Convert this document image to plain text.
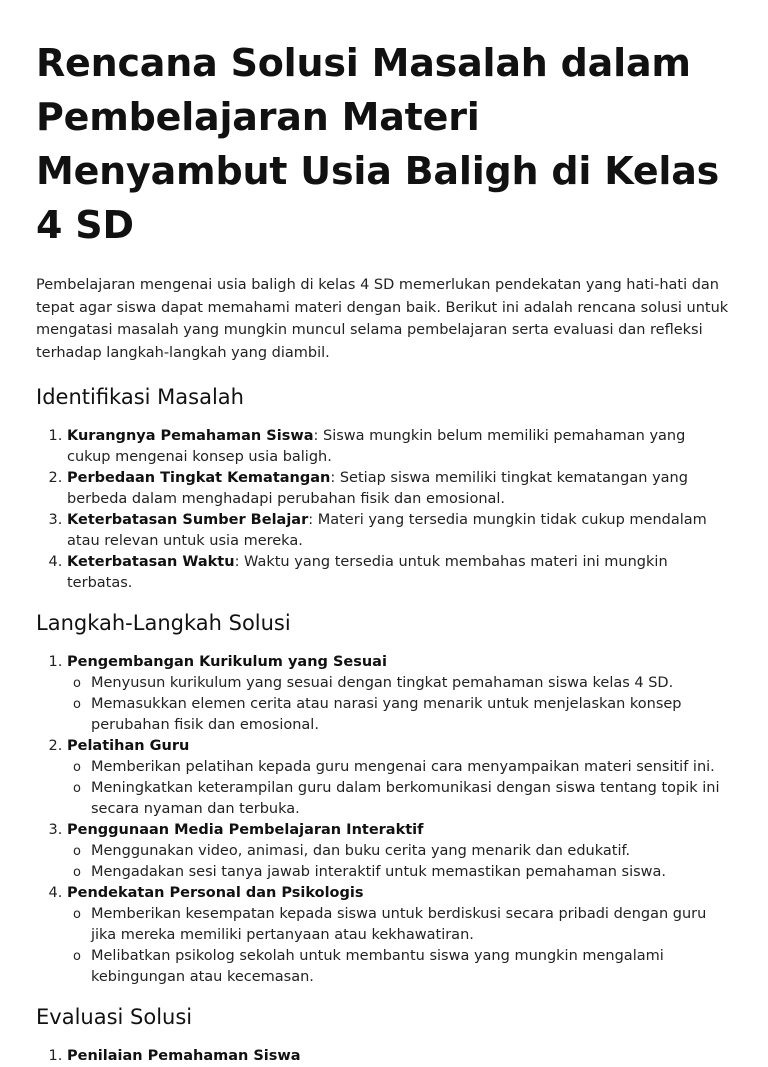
Rencana Solusi Masalah dalam Pembelajaran Materi Menyambut Usia Baligh di Kelas 4 SD

Pembelajaran mengenai usia baligh di kelas 4 SD memerlukan pendekatan yang hati-hati dan tepat agar siswa dapat memahami materi dengan baik. Berikut ini adalah rencana solusi untuk mengatasi masalah yang mungkin muncul selama pembelajaran serta evaluasi dan refleksi terhadap langkah-langkah yang diambil.

Identifikasi Masalah
1. Kurangnya Pemahaman Siswa: Siswa mungkin belum memiliki pemahaman yang cukup mengenai konsep usia baligh.
2. Perbedaan Tingkat Kematangan: Setiap siswa memiliki tingkat kematangan yang berbeda dalam menghadapi perubahan fisik dan emosional.
3. Keterbatasan Sumber Belajar: Materi yang tersedia mungkin tidak cukup mendalam atau relevan untuk usia mereka.
4. Keterbatasan Waktu: Waktu yang tersedia untuk membahas materi ini mungkin terbatas.
Langkah-Langkah Solusi
1. Pengembangan Kurikulum yang Sesuai
o Menyusun kurikulum yang sesuai dengan tingkat pemahaman siswa kelas 4 SD.
o Memasukkan elemen cerita atau narasi yang menarik untuk menjelaskan konsep perubahan fisik dan emosional.
2. Pelatihan Guru
o Memberikan pelatihan kepada guru mengenai cara menyampaikan materi sensitif ini.
o Meningkatkan keterampilan guru dalam berkomunikasi dengan siswa tentang topik ini secara nyaman dan terbuka.
3. Penggunaan Media Pembelajaran Interaktif
o Menggunakan video, animasi, dan buku cerita yang menarik dan edukatif.
o Mengadakan sesi tanya jawab interaktif untuk memastikan pemahaman siswa.
4. Pendekatan Personal dan Psikologis
o Memberikan kesempatan kepada siswa untuk berdiskusi secara pribadi dengan guru jika mereka memiliki pertanyaan atau kekhawatiran.
o Melibatkan psikolog sekolah untuk membantu siswa yang mungkin mengalami kebingungan atau kecemasan.
Evaluasi Solusi
1. Penilaian Pemahaman Siswa
